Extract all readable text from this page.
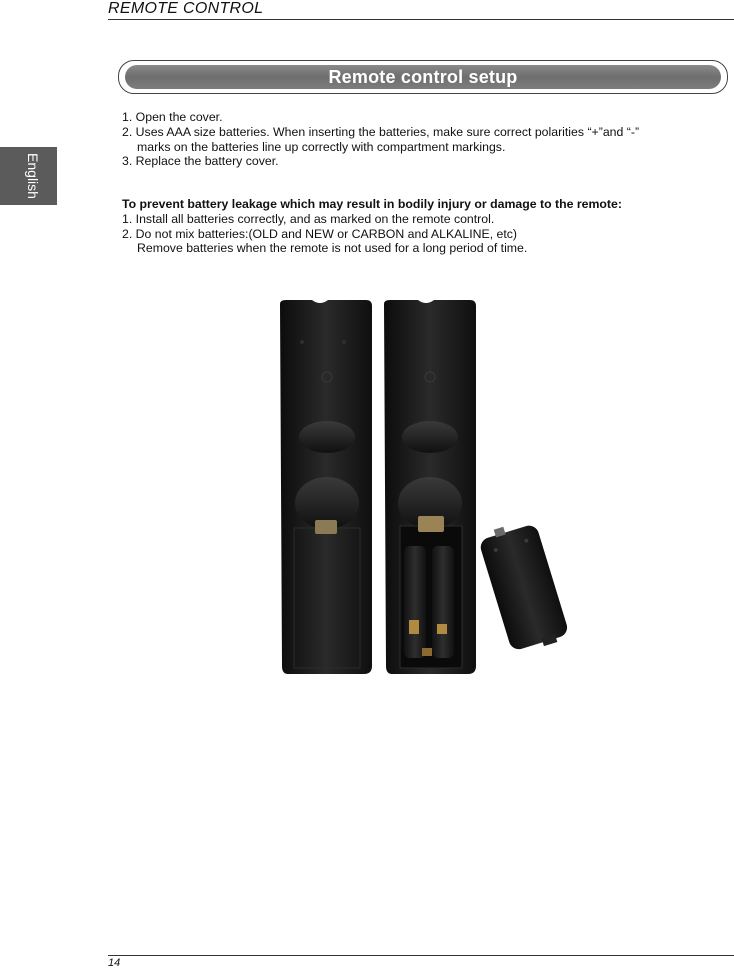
REMOTE CONTROL
English
Remote control setup

1. Open the cover.

2. Uses AAA size batteries. When inserting the batteries, make sure correct polarities “+”and “-”

marks on the batteries line up correctly with compartment markings.

3. Replace the battery cover.

To prevent battery leakage which may result in bodily injury or damage to the remote:

1. Install all batteries correctly, and as marked on the remote control.

2. Do not mix batteries:(OLD and NEW or CARBON and ALKALINE, etc)

Remove batteries when the remote is not used for a long period of time.

14
